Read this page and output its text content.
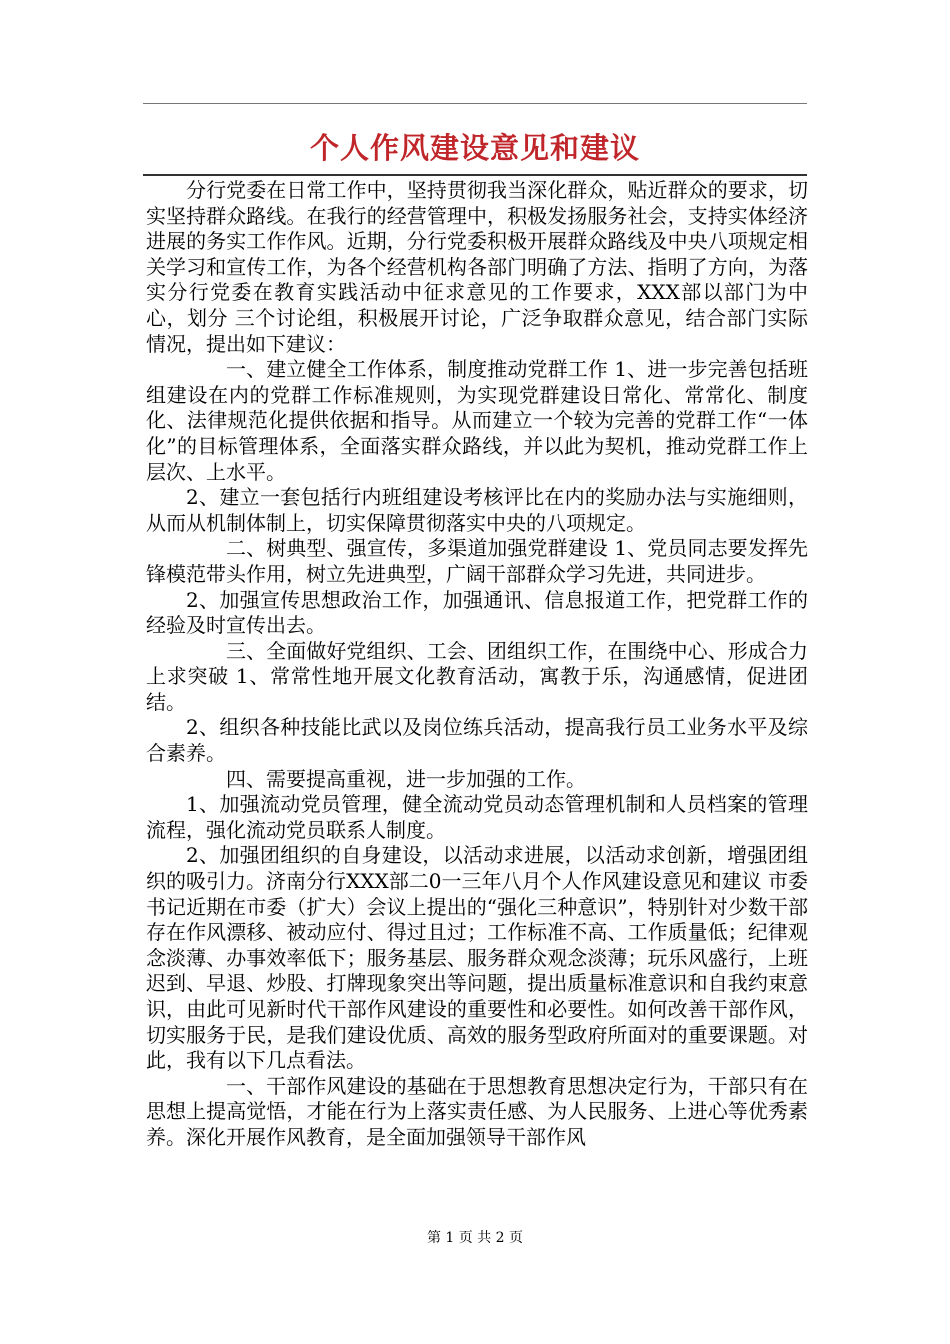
个人作风建设意见和建议

分行党委在日常工作中，坚持贯彻我当深化群众，贴近群众的要求，切实坚持群众路线。在我行的经营管理中，积极发扬服务社会，支持实体经济进展的务实工作作风。近期，分行党委积极开展群众路线及中央八项规定相关学习和宣传工作，为各个经营机构各部门明确了方法、指明了方向，为落实分行党委在教育实践活动中征求意见的工作要求，XXX部以部门为中心，划分 三个讨论组，积极展开讨论，广泛争取群众意见，结合部门实际情况，提出如下建议：

一、建立健全工作体系，制度推动党群工作 1、进一步完善包括班组建设在内的党群工作标准规则，为实现党群建设日常化、常常化、制度化、法律规范化提供依据和指导。从而建立一个较为完善的党群工作“一体化”的目标管理体系，全面落实群众路线，并以此为契机，推动党群工作上层次、上水平。

2、建立一套包括行内班组建设考核评比在内的奖励办法与实施细则，从而从机制体制上，切实保障贯彻落实中央的八项规定。

二、树典型、强宣传，多渠道加强党群建设 1、党员同志要发挥先锋模范带头作用，树立先进典型，广阔干部群众学习先进，共同进步。

2、加强宣传思想政治工作，加强通讯、信息报道工作，把党群工作的经验及时宣传出去。

三、全面做好党组织、工会、团组织工作，在围绕中心、形成合力上求突破 1、常常性地开展文化教育活动，寓教于乐，沟通感情，促进团结。

2、组织各种技能比武以及岗位练兵活动，提高我行员工业务水平及综合素养。

四、需要提高重视，进一步加强的工作。

1、加强流动党员管理，健全流动党员动态管理机制和人员档案的管理流程，强化流动党员联系人制度。

2、加强团组织的自身建设，以活动求进展，以活动求创新，增强团组织的吸引力。济南分行XXX部二0一三年八月个人作风建设意见和建议 市委书记近期在市委（扩大）会议上提出的“强化三种意识”，特别针对少数干部存在作风漂移、被动应付、得过且过；工作标准不高、工作质量低；纪律观念淡薄、办事效率低下；服务基层、服务群众观念淡薄；玩乐风盛行，上班迟到、早退、炒股、打牌现象突出等问题，提出质量标准意识和自我约束意识，由此可见新时代干部作风建设的重要性和必要性。如何改善干部作风，切实服务于民，是我们建设优质、高效的服务型政府所面对的重要课题。对此，我有以下几点看法。

一、干部作风建设的基础在于思想教育思想决定行为，干部只有在思想上提高觉悟，才能在行为上落实责任感、为人民服务、上进心等优秀素养。深化开展作风教育，是全面加强领导干部作风

第 1 页 共 2 页
